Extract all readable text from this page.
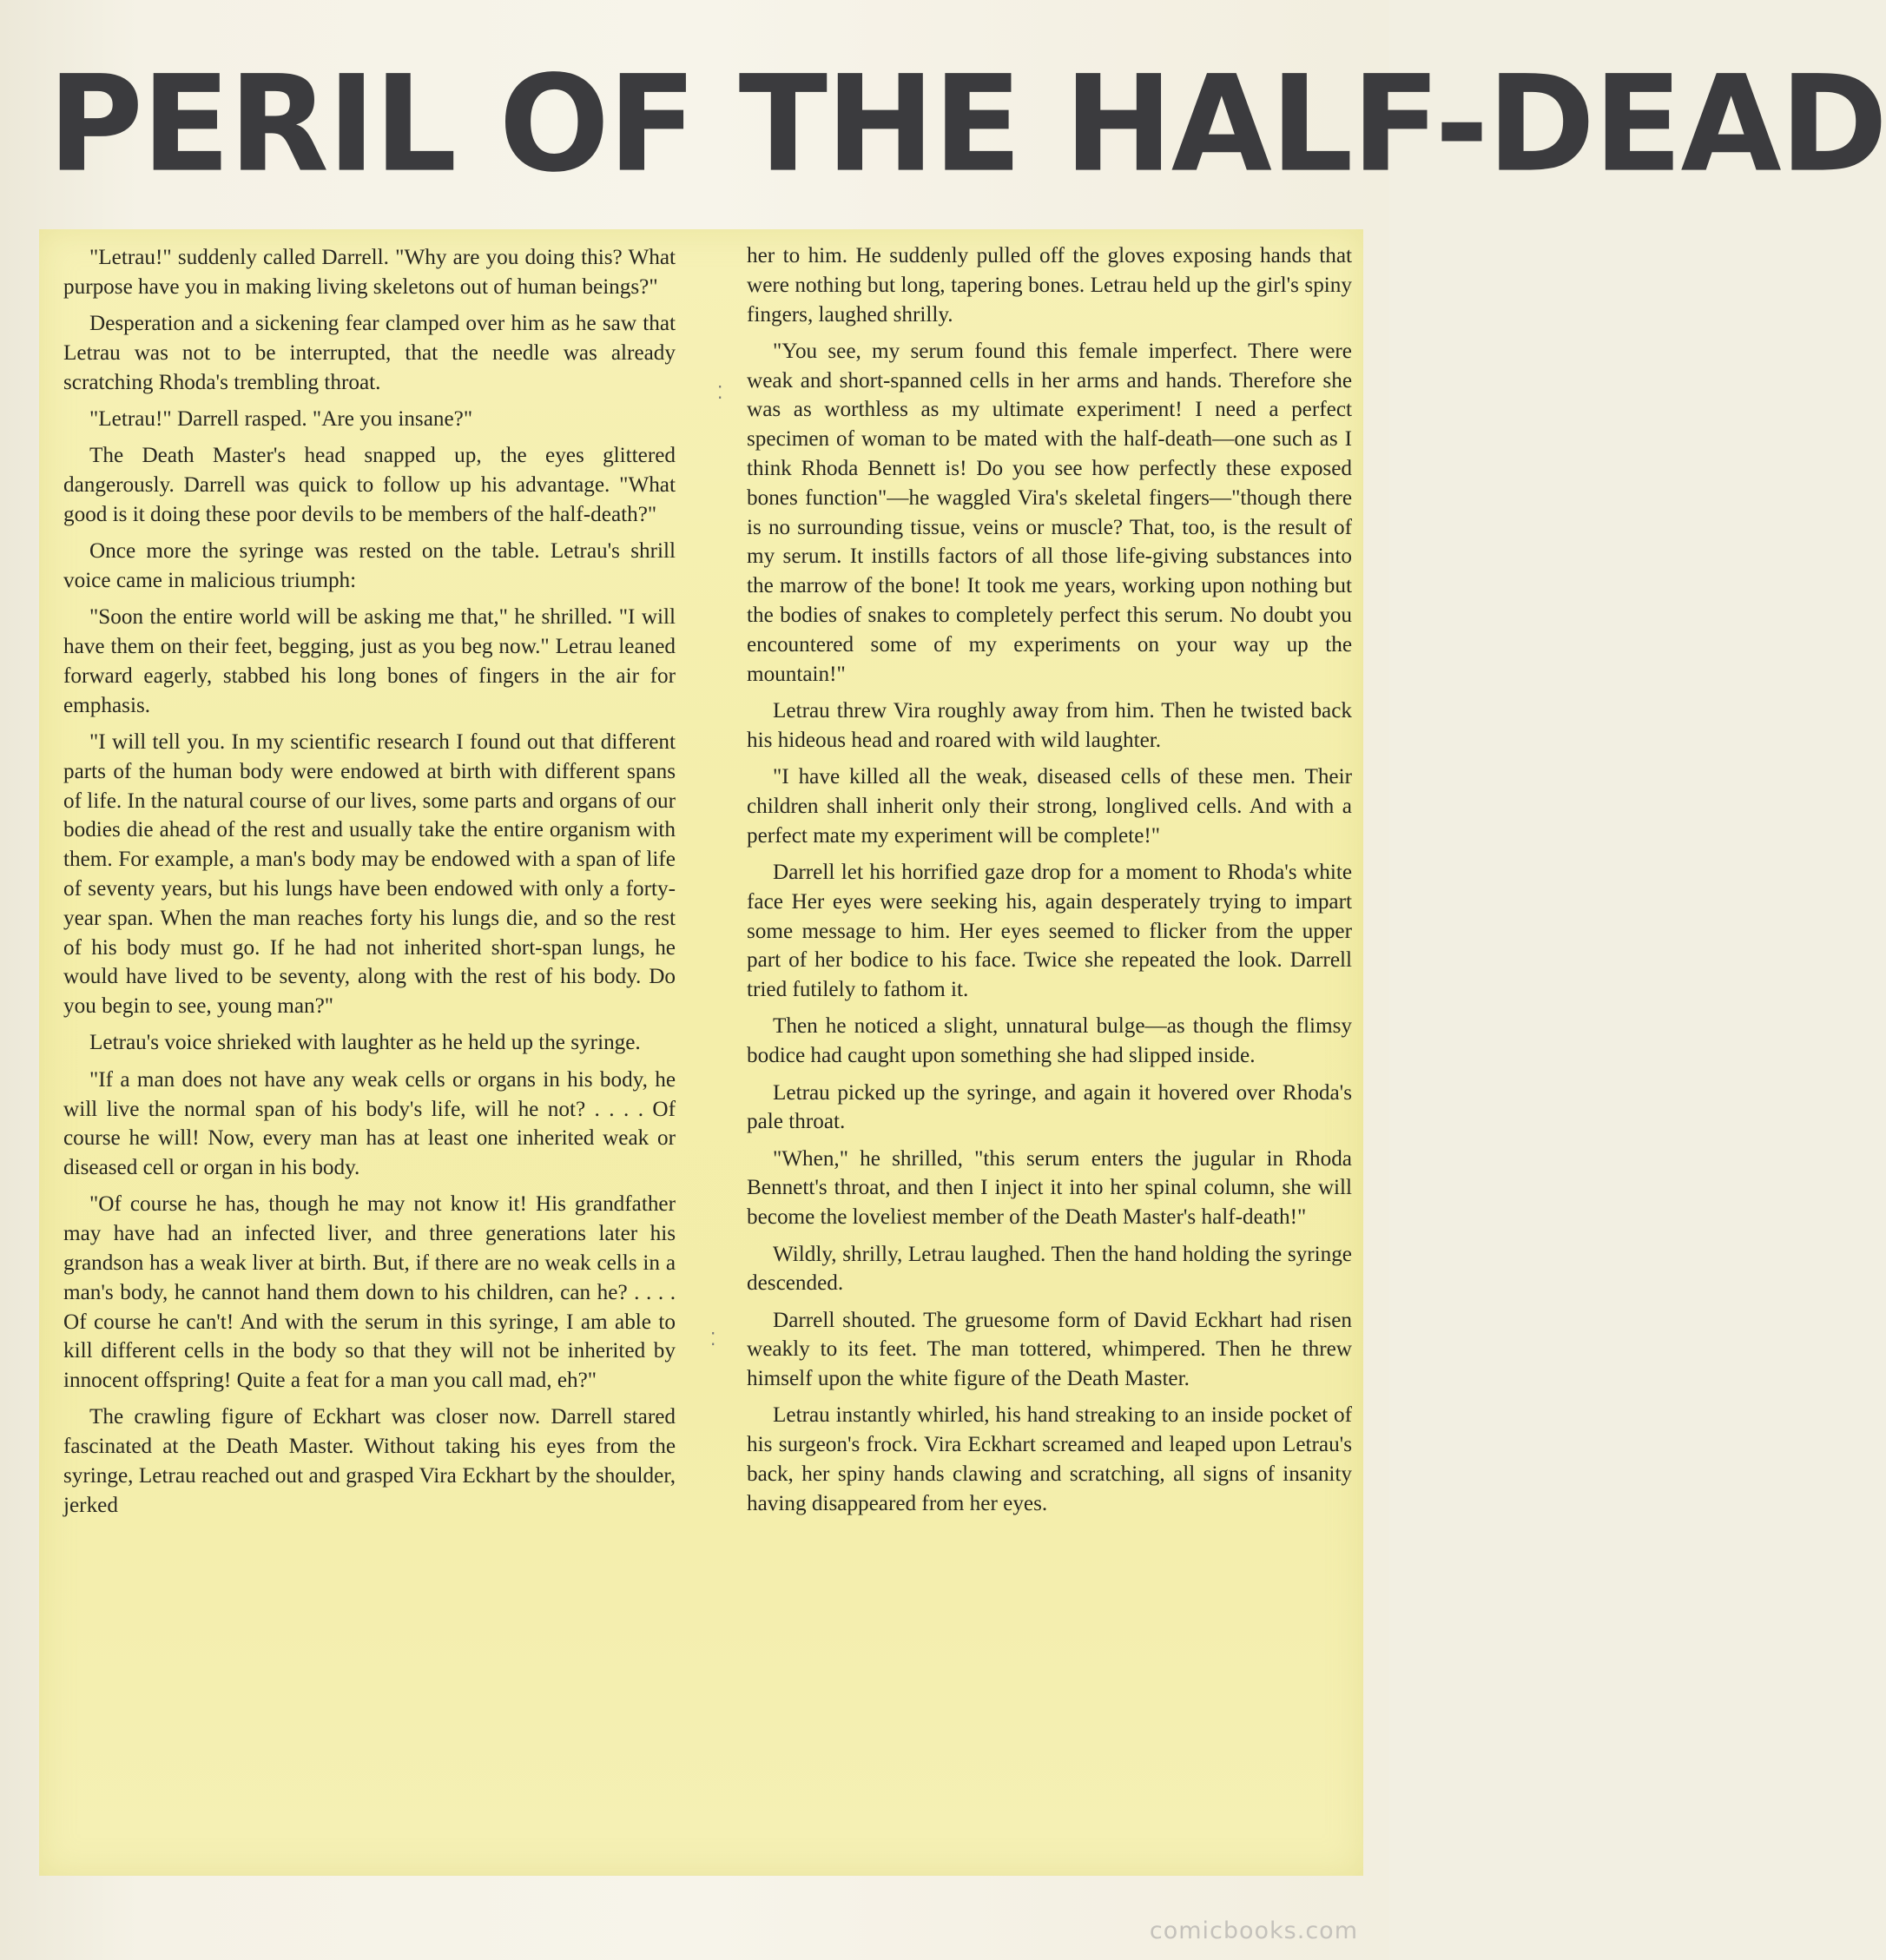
PERIL OF THE HALF-DEAD

"Letrau!" suddenly called Darrell. "Why are you doing this? What purpose have you in making living skeletons out of human beings?"

Desperation and a sickening fear clamped over him as he saw that Letrau was not to be interrupted, that the needle was already scratching Rhoda's trembling throat.

"Letrau!" Darrell rasped. "Are you insane?"

The Death Master's head snapped up, the eyes glittered dangerously. Darrell was quick to follow up his advantage. "What good is it doing these poor devils to be members of the half-death?"

Once more the syringe was rested on the table. Letrau's shrill voice came in malicious triumph:

"Soon the entire world will be asking me that," he shrilled. "I will have them on their feet, begging, just as you beg now." Letrau leaned forward eagerly, stabbed his long bones of fingers in the air for emphasis.

"I will tell you. In my scientific research I found out that different parts of the human body were endowed at birth with different spans of life. In the natural course of our lives, some parts and organs of our bodies die ahead of the rest and usually take the entire organism with them. For example, a man's body may be endowed with a span of life of seventy years, but his lungs have been endowed with only a forty-year span. When the man reaches forty his lungs die, and so the rest of his body must go. If he had not inherited short-span lungs, he would have lived to be seventy, along with the rest of his body. Do you begin to see, young man?"

Letrau's voice shrieked with laughter as he held up the syringe.

"If a man does not have any weak cells or organs in his body, he will live the normal span of his body's life, will he not? . . . . Of course he will! Now, every man has at least one inherited weak or diseased cell or organ in his body.

"Of course he has, though he may not know it! His grandfather may have had an infected liver, and three generations later his grandson has a weak liver at birth. But, if there are no weak cells in a man's body, he cannot hand them down to his children, can he? . . . . Of course he can't! And with the serum in this syringe, I am able to kill different cells in the body so that they will not be inherited by innocent offspring! Quite a feat for a man you call mad, eh?"

The crawling figure of Eckhart was closer now. Darrell stared fascinated at the Death Master. Without taking his eyes from the syringe, Letrau reached out and grasped Vira Eckhart by the shoulder, jerked

her to him. He suddenly pulled off the gloves exposing hands that were nothing but long, tapering bones. Letrau held up the girl's spiny fingers, laughed shrilly.

"You see, my serum found this female imperfect. There were weak and short-spanned cells in her arms and hands. Therefore she was as worthless as my ultimate experiment! I need a perfect specimen of woman to be mated with the half-death—one such as I think Rhoda Bennett is! Do you see how perfectly these exposed bones function"—he waggled Vira's skeletal fingers—"though there is no surrounding tissue, veins or muscle? That, too, is the result of my serum. It instills factors of all those life-giving substances into the marrow of the bone! It took me years, working upon nothing but the bodies of snakes to completely perfect this serum. No doubt you encountered some of my experiments on your way up the mountain!"

Letrau threw Vira roughly away from him. Then he twisted back his hideous head and roared with wild laughter.

"I have killed all the weak, diseased cells of these men. Their children shall inherit only their strong, longlived cells. And with a perfect mate my experiment will be complete!"

Darrell let his horrified gaze drop for a moment to Rhoda's white face Her eyes were seeking his, again desperately trying to impart some message to him. Her eyes seemed to flicker from the upper part of her bodice to his face. Twice she repeated the look. Darrell tried futilely to fathom it.

Then he noticed a slight, unnatural bulge—as though the flimsy bodice had caught upon something she had slipped inside.

Letrau picked up the syringe, and again it hovered over Rhoda's pale throat.

"When," he shrilled, "this serum enters the jugular in Rhoda Bennett's throat, and then I inject it into her spinal column, she will become the loveliest member of the Death Master's half-death!"

Wildly, shrilly, Letrau laughed. Then the hand holding the syringe descended.

Darrell shouted. The gruesome form of David Eckhart had risen weakly to its feet. The man tottered, whimpered. Then he threw himself upon the white figure of the Death Master.

Letrau instantly whirled, his hand streaking to an inside pocket of his surgeon's frock. Vira Eckhart screamed and leaped upon Letrau's back, her spiny hands clawing and scratching, all signs of insanity having disappeared from her eyes.

⁚
⁚
comicbooks.com
